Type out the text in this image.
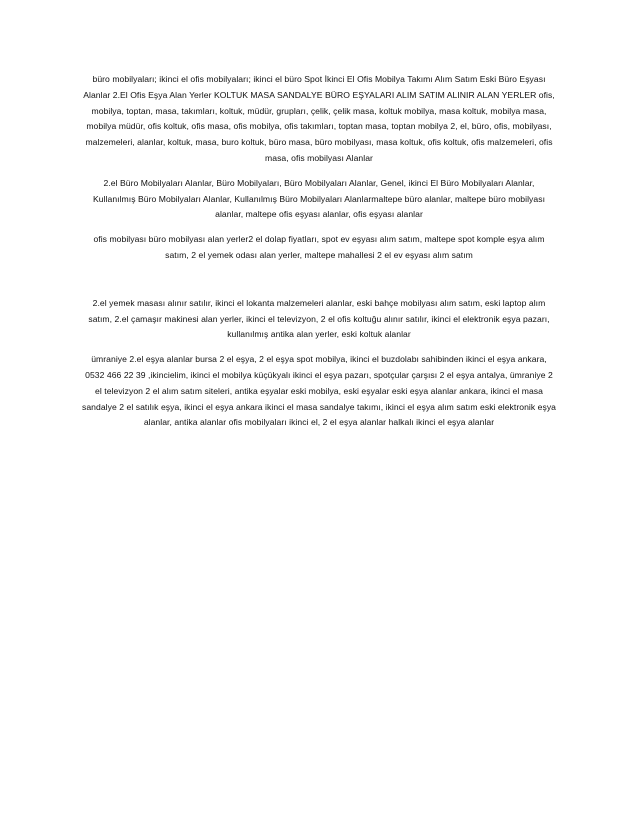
büro mobilyaları; ikinci el ofis mobilyaları; ikinci el büro Spot İkinci El Ofis Mobilya Takımı Alım Satım Eski Büro Eşyası Alanlar 2.El Ofis Eşya Alan Yerler KOLTUK MASA SANDALYE BÜRO EŞYALARI ALIM SATIM ALINIR ALAN YERLER ofis, mobilya, toptan, masa, takımları, koltuk, müdür, grupları, çelik, çelik masa, koltuk mobilya, masa koltuk, mobilya masa, mobilya müdür, ofis koltuk, ofis masa, ofis mobilya, ofis takımları, toptan masa, toptan mobilya 2, el, büro, ofis, mobilyası, malzemeleri, alanlar, koltuk, masa, buro koltuk, büro masa, büro mobilyası, masa koltuk, ofis koltuk, ofis malzemeleri, ofis masa, ofis mobilyası Alanlar

2.el Büro Mobilyaları Alanlar, Büro Mobilyaları, Büro Mobilyaları Alanlar, Genel, ikinci El Büro Mobilyaları Alanlar, Kullanılmış Büro Mobilyaları Alanlar, Kullanılmış Büro Mobilyaları Alanlarmaltepe büro alanlar, maltepe büro mobilyası alanlar, maltepe ofis eşyası alanlar, ofis eşyası alanlar

ofis mobilyası büro mobilyası alan yerler2 el dolap fiyatları, spot ev eşyası alım satım, maltepe spot komple eşya alım satım, 2 el yemek odası alan yerler, maltepe mahallesi 2 el ev eşyası alım satım

2.el yemek masası alınır satılır, ikinci el lokanta malzemeleri alanlar, eski bahçe mobilyası alım satım, eski laptop alım satım, 2.el çamaşır makinesi alan yerler, ikinci el televizyon, 2 el ofis koltuğu alınır satılır, ikinci el elektronik eşya pazarı, kullanılmış antika alan yerler, eski koltuk alanlar

ümraniye 2.el eşya alanlar bursa 2 el eşya, 2 el eşya spot mobilya, ikinci el buzdolabı sahibinden ikinci el eşya ankara, 0532 466 22 39 ,ikincielim, ikinci el mobilya küçükyalı ikinci el eşya pazarı, spotçular çarşısı 2 el eşya antalya, ümraniye 2 el televizyon 2 el alım satım siteleri, antika eşyalar eski mobilya, eski eşyalar eski eşya alanlar ankara, ikinci el masa sandalye 2 el satılık eşya, ikinci el eşya ankara ikinci el masa sandalye takımı, ikinci el eşya alım satım eski elektronik eşya alanlar, antika alanlar ofis mobilyaları ikinci el, 2 el eşya alanlar halkalı ikinci el eşya alanlar
